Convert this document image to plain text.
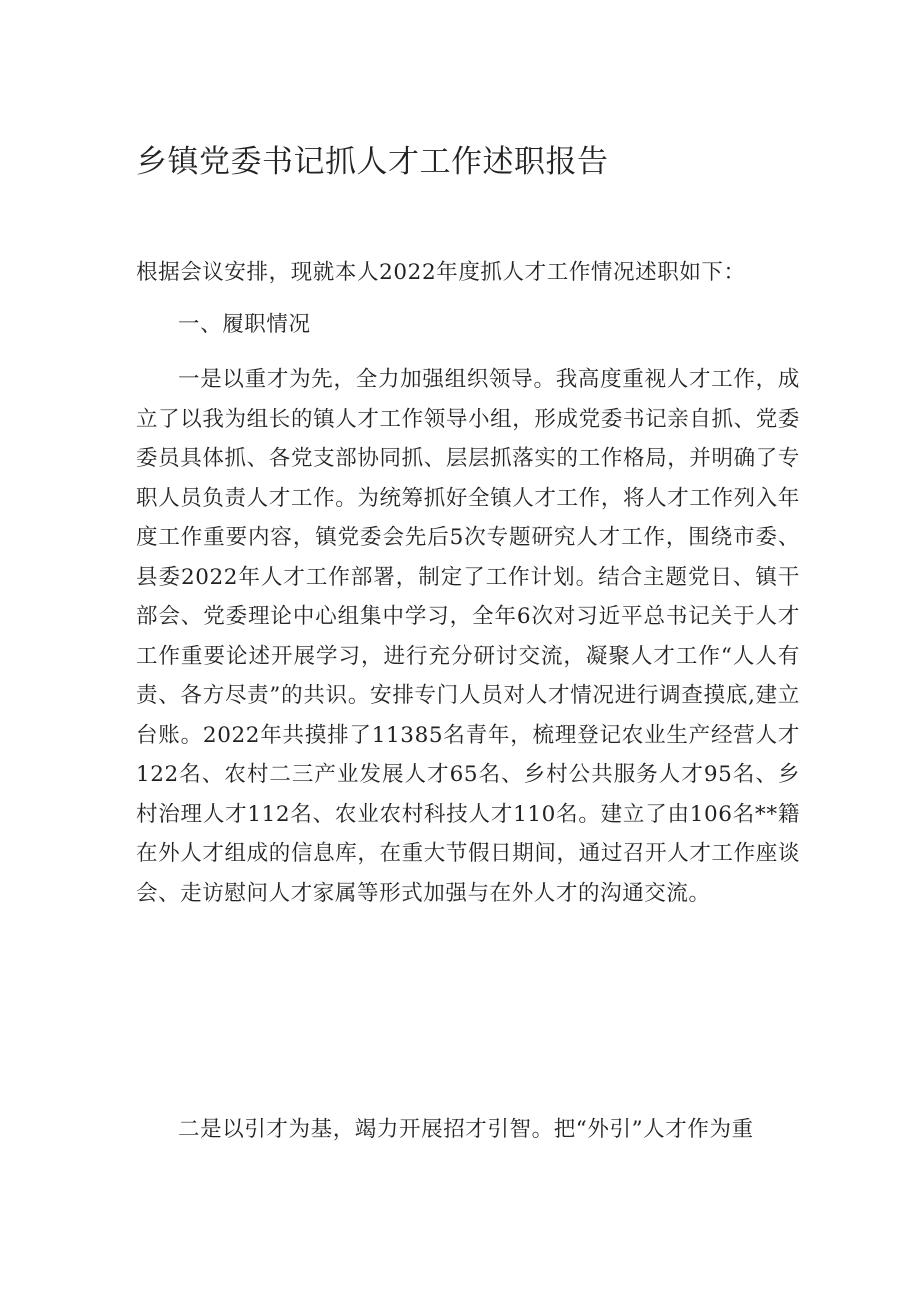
乡镇党委书记抓人才工作述职报告

根据会议安排，现就本人2022年度抓人才工作情况述职如下：

一、履职情况

一是以重才为先，全力加强组织领导。我高度重视人才工作，成立了以我为组长的镇人才工作领导小组，形成党委书记亲自抓、党委委员具体抓、各党支部协同抓、层层抓落实的工作格局，并明确了专职人员负责人才工作。为统筹抓好全镇人才工作，将人才工作列入年度工作重要内容，镇党委会先后5次专题研究人才工作，围绕市委、县委2022年人才工作部署，制定了工作计划。结合主题党日、镇干部会、党委理论中心组集中学习，全年6次对习近平总书记关于人才工作重要论述开展学习，进行充分研讨交流，凝聚人才工作“人人有责、各方尽责”的共识。安排专门人员对人才情况进行调查摸底,建立台账。2022年共摸排了11385名青年，梳理登记农业生产经营人才122名、农村二三产业发展人才65名、乡村公共服务人才95名、乡村治理人才112名、农业农村科技人才110名。建立了由106名**籍在外人才组成的信息库，在重大节假日期间，通过召开人才工作座谈会、走访慰问人才家属等形式加强与在外人才的沟通交流。

二是以引才为基，竭力开展招才引智。把“外引”人才作为重
